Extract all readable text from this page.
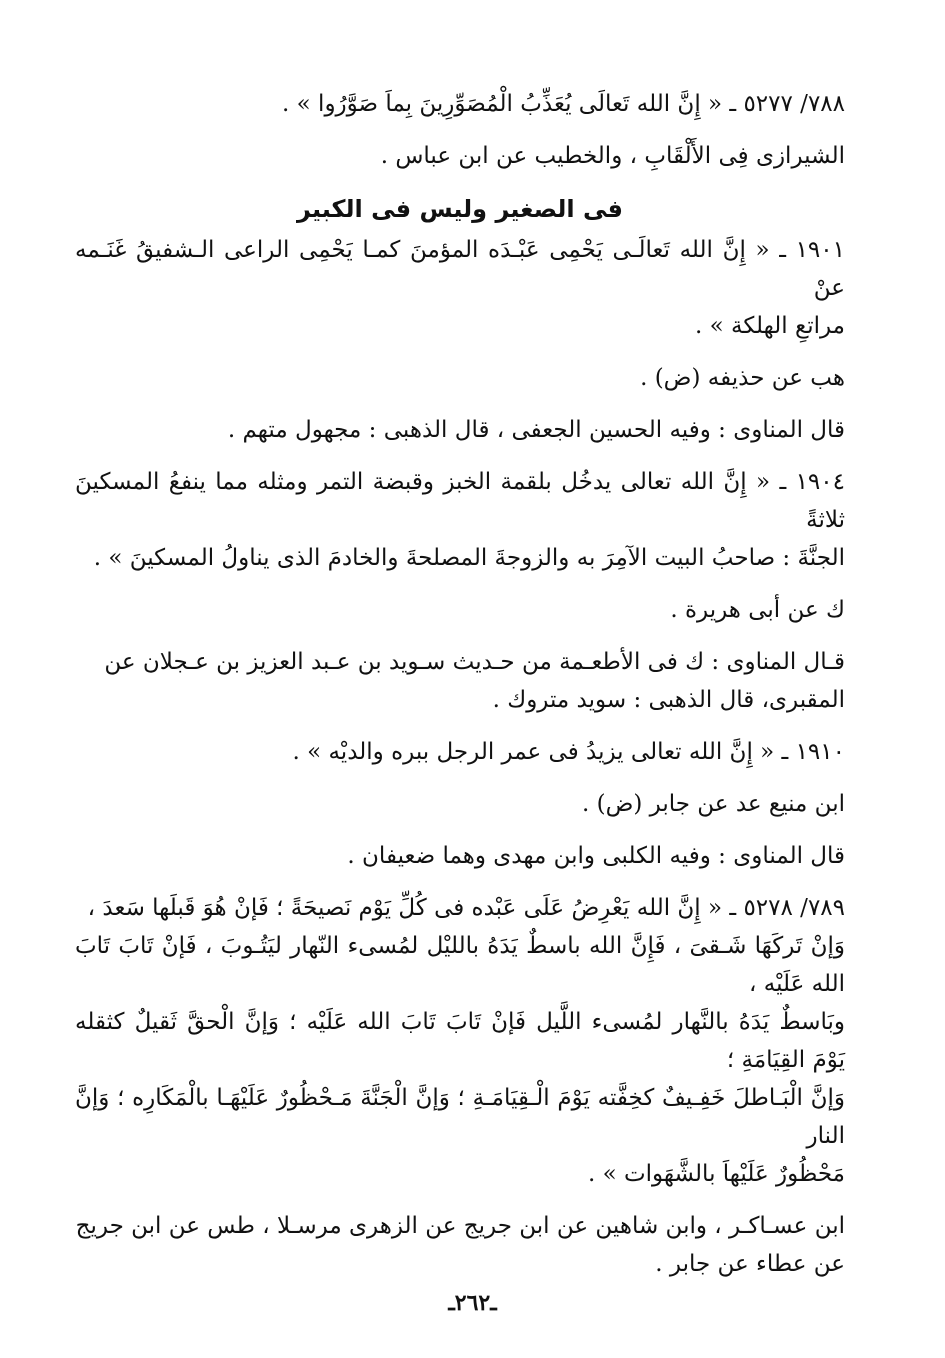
٧٨٨/ ٥٢٧٧ ـ « إِنَّ الله تَعالَى يُعَذِّبُ الْمُصَوِّرِينَ بِماَ صَوَّرُوا » .

الشيرازى فِى الأَلْقَابِ ، والخطيب عن ابن عباس .

فى الصغير وليس فى الكبير

١٩٠١ ـ « إِنَّ الله تَعالَـى يَحْمِى عَبْـدَه المؤمنَ كمـا يَحْمِى الراعى الـشفيقُ غَنَـمه عنْ

مراتعِ الهلكة » .

هب عن حذيفه (ض) .

قال المناوى : وفيه الحسين الجعفى ، قال الذهبى : مجهول متهم .

١٩٠٤ ـ « إِنَّ الله تعالى يدخُل بلقمة الخبز وقبضة التمر ومثله مما ينفعُ المسكينَ ثلاثةً

الجنَّةَ : صاحبُ البيت الآمِرَ به والزوجةَ المصلحةَ والخادمَ الذى يناولُ المسكينَ » .

ك عن أبى هريرة .

قـال المناوى : ك فى الأطعـمة من حـديث سـويد بن عـبد العزيز بن عـجلان عن

المقبرى، قال الذهبى : سويد متروك .

١٩١٠ ـ « إِنَّ الله تعالى يزيدُ فى عمر الرجل ببره والديْه » .

ابن منيع عد عن جابر (ض) .

قال المناوى : وفيه الكلبى وابن مهدى وهما ضعيفان .

٧٨٩/ ٥٢٧٨ ـ « إِنَّ الله يَعْرِضُ عَلَى عَبْده فى كُلِّ يَوْم نَصيحَةً ؛ فَإنْ هُوَ قَبلَها سَعدَ ،

وَإنْ تَركَهَا شَـقىَ ، فَإِنَّ الله باسطٌ يَدَهُ بالليْل لمُسىء النّهار ليَتُـوبَ ، فَإنْ تَابَ تَابَ الله عَلَيْه ،

وبَاسطٌ يَدَهُ بالنَّهار لمُسىء اللَّيل فَإنْ تَابَ تَابَ الله عَلَيْه ؛ وَإنَّ الْحقَّ ثَقيلٌ كثقله يَوْمَ القِيَامَةِ ؛

وَإنَّ الْبَـاطلَ خَفِـيفٌ كخِفَّته يَوْمَ الْـقِيَامَـةِ ؛ وَإنَّ الْجَنَّةَ مَـحْظُورٌ عَلَيْهَـا بالْمَكَارِه ؛ وَإنَّ النار

مَحْظُورٌ عَلَيْهاَ بالشَّهَوات » .

ابن عسـاكـر ، وابن شاهين عن ابن جريج عن الزهرى مرسـلا ، طس عن ابن جريج

عن عطاء عن جابر .

ـ٢٦٢ـ
